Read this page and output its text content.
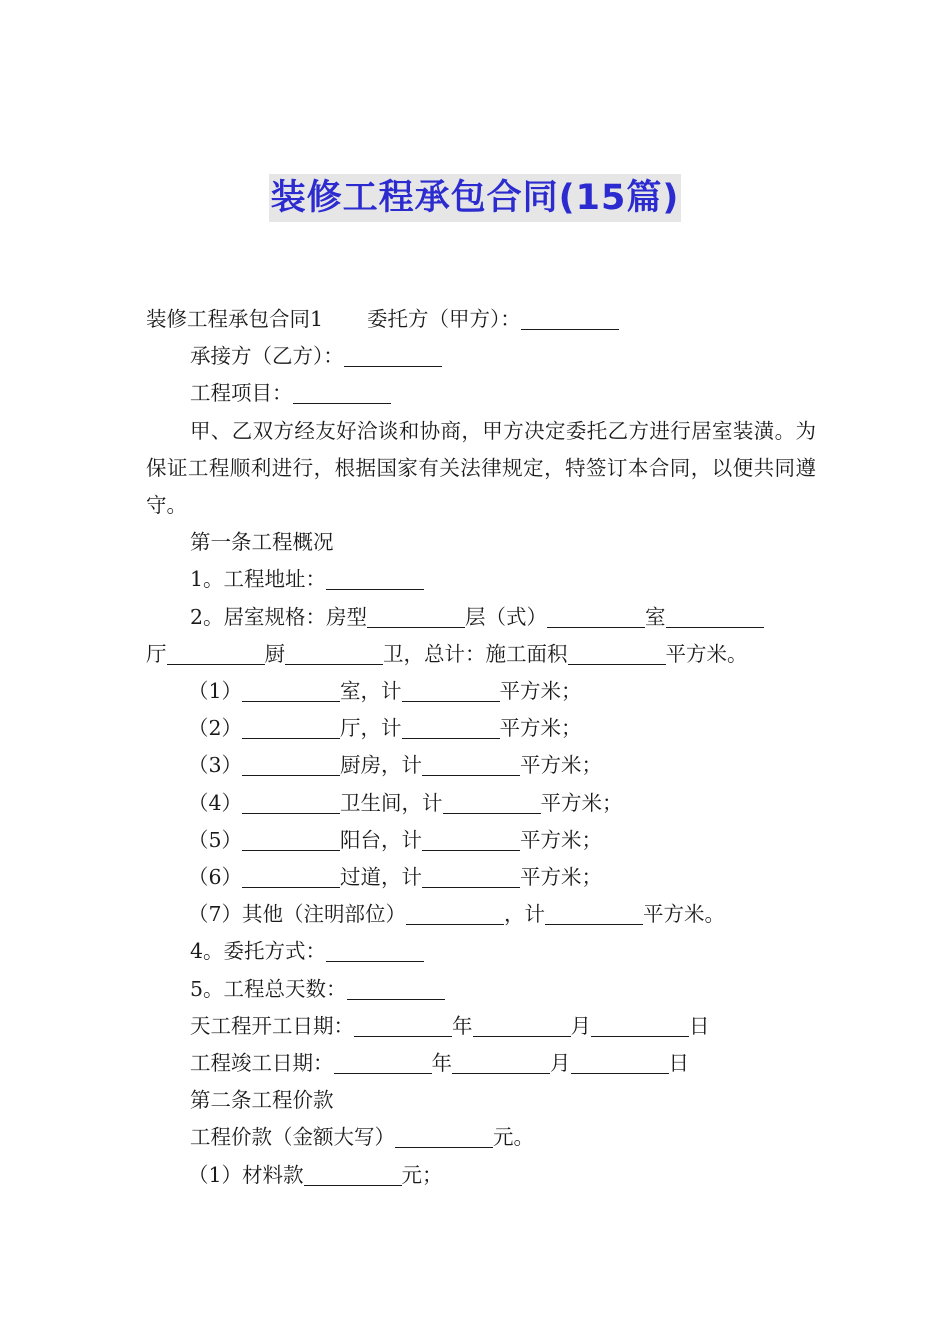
装修工程承包合同(15篇)

装修工程承包合同1 委托方（甲方）：

承接方（乙方）：

工程项目：

甲、乙双方经友好洽谈和协商，甲方决定委托乙方进行居室装潢。为保证工程顺利进行，根据国家有关法律规定，特签订本合同，以便共同遵守。

第一条工程概况

1。工程地址：

2。居室规格：房型	层（式）	室

厅	厨	卫，总计：施工面积	平方米。

（1）	室，计	平方米；

（2）	厅，计	平方米；

（3）	厨房，计	平方米；

（4）	卫生间，计	平方米；

（5）	阳台，计	平方米；

（6）	过道，计	平方米；

（7）其他（注明部位）	，计	平方米。

4。委托方式：

5。工程总天数：

天工程开工日期：	年	月	日

工程竣工日期：	年	月	日

第二条工程价款

工程价款（金额大写）	元。

（1）材料款	元；
